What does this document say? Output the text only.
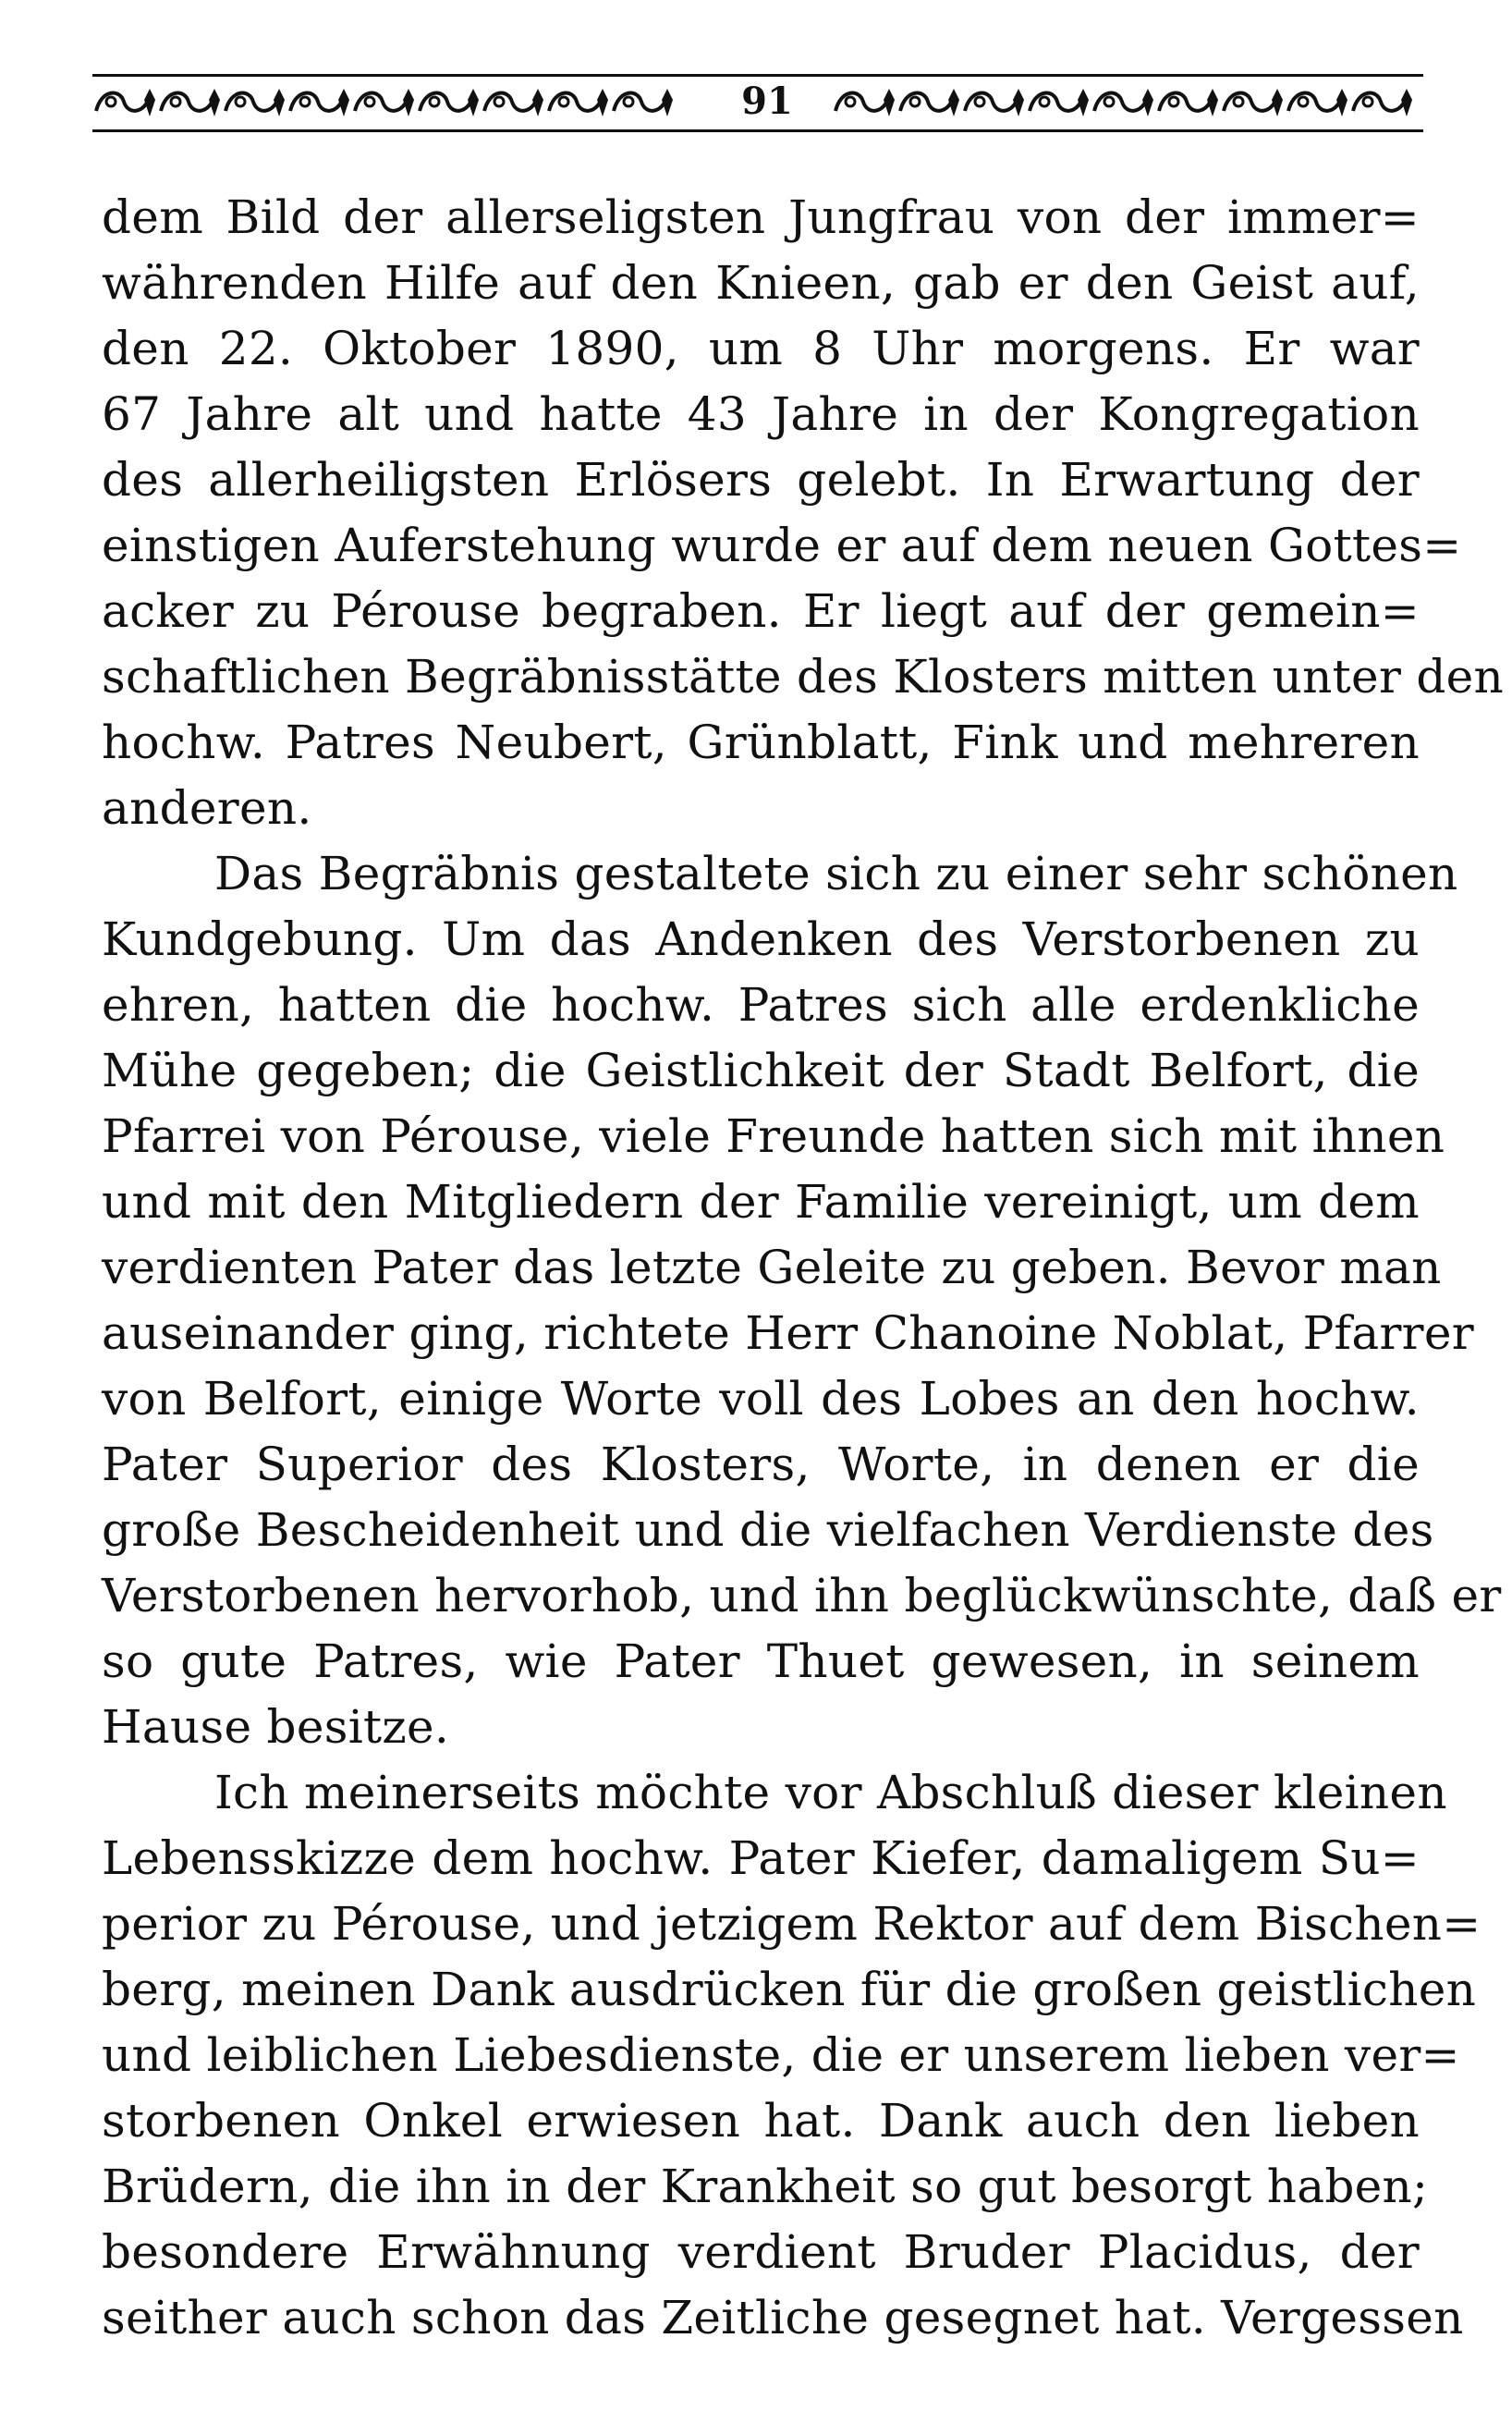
91
dem Bild der allerseligsten Jungfrau von der immer=
währenden Hilfe auf den Knieen, gab er den Geist auf,
den 22. Oktober 1890, um 8 Uhr morgens. Er war
67 Jahre alt und hatte 43 Jahre in der Kongregation
des allerheiligsten Erlösers gelebt. In Erwartung der
einstigen Auferstehung wurde er auf dem neuen Gottes=
acker zu Pérouse begraben. Er liegt auf der gemein=
schaftlichen Begräbnisstätte des Klosters mitten unter den
hochw. Patres Neubert, Grünblatt, Fink und mehreren
anderen.
Das Begräbnis gestaltete sich zu einer sehr schönen
Kundgebung. Um das Andenken des Verstorbenen zu
ehren, hatten die hochw. Patres sich alle erdenkliche
Mühe gegeben; die Geistlichkeit der Stadt Belfort, die
Pfarrei von Pérouse, viele Freunde hatten sich mit ihnen
und mit den Mitgliedern der Familie vereinigt, um dem
verdienten Pater das letzte Geleite zu geben. Bevor man
auseinander ging, richtete Herr Chanoine Noblat, Pfarrer
von Belfort, einige Worte voll des Lobes an den hochw.
Pater Superior des Klosters, Worte, in denen er die
große Bescheidenheit und die vielfachen Verdienste des
Verstorbenen hervorhob, und ihn beglückwünschte, daß er
so gute Patres, wie Pater Thuet gewesen, in seinem
Hause besitze.
Ich meinerseits möchte vor Abschluß dieser kleinen
Lebensskizze dem hochw. Pater Kiefer, damaligem Su=
perior zu Pérouse, und jetzigem Rektor auf dem Bischen=
berg, meinen Dank ausdrücken für die großen geistlichen
und leiblichen Liebesdienste, die er unserem lieben ver=
storbenen Onkel erwiesen hat. Dank auch den lieben
Brüdern, die ihn in der Krankheit so gut besorgt haben;
besondere Erwähnung verdient Bruder Placidus, der
seither auch schon das Zeitliche gesegnet hat. Vergessen
